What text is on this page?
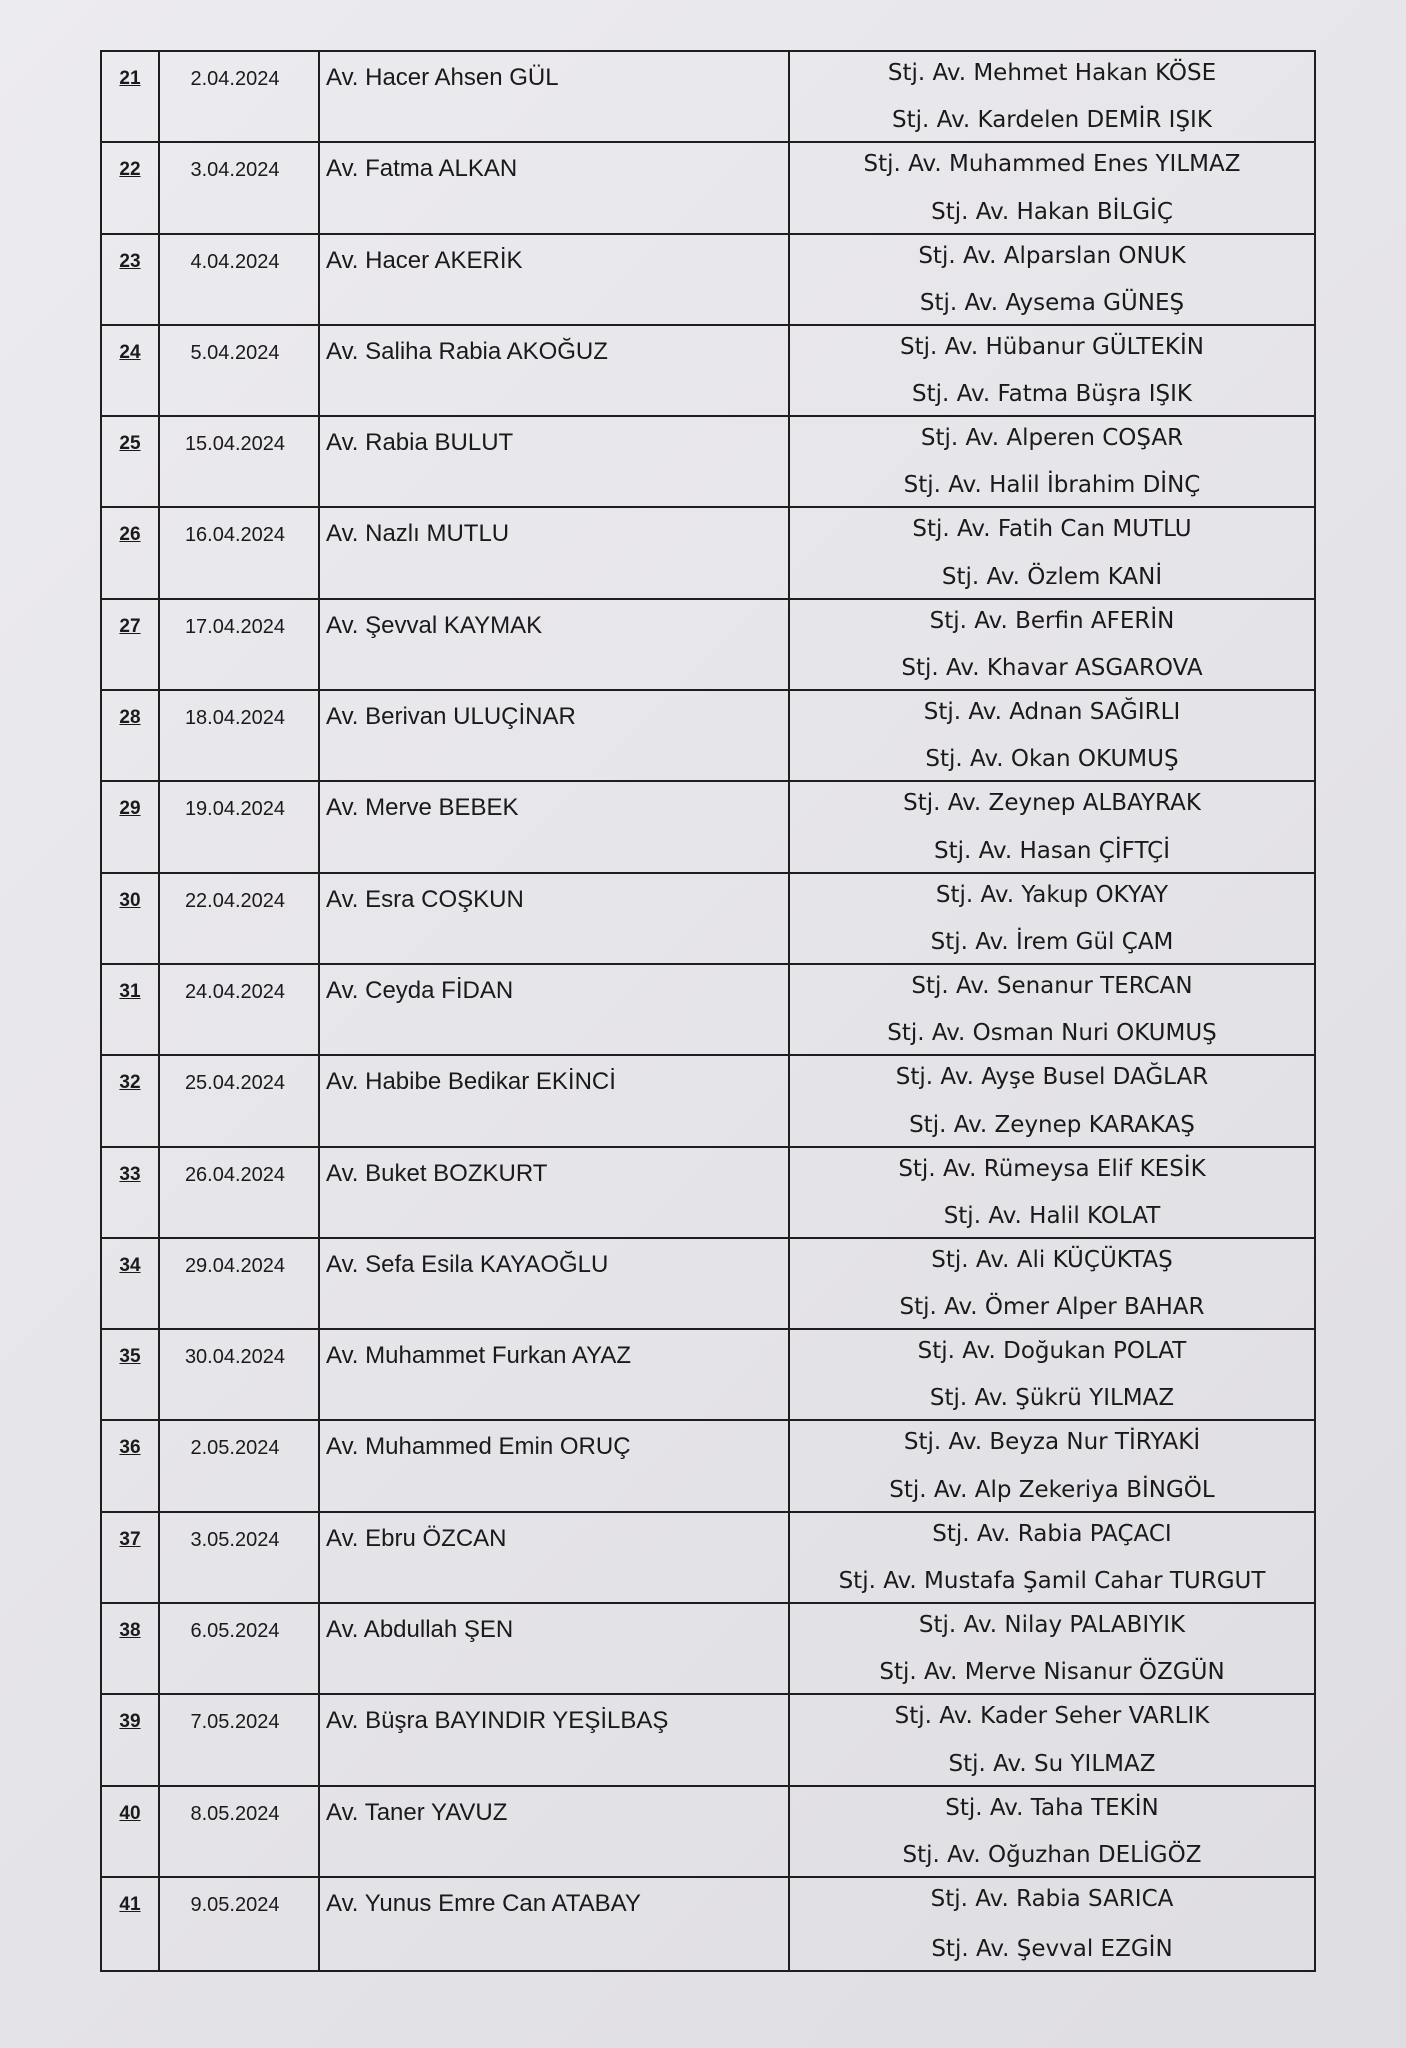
21	2.04.2024	Av. Hacer Ahsen GÜL	Stj. Av. Mehmet Hakan KÖSE
Stj. Av. Kardelen DEMİR IŞIK
22	3.04.2024	Av. Fatma ALKAN	Stj. Av. Muhammed Enes YILMAZ
Stj. Av. Hakan BİLGİÇ
23	4.04.2024	Av. Hacer AKERİK	Stj. Av. Alparslan ONUK
Stj. Av. Aysema GÜNEŞ
24	5.04.2024	Av. Saliha Rabia AKOĞUZ	Stj. Av. Hübanur GÜLTEKİN
Stj. Av. Fatma Büşra IŞIK
25	15.04.2024	Av. Rabia BULUT	Stj. Av. Alperen COŞAR
Stj. Av. Halil İbrahim DİNÇ
26	16.04.2024	Av. Nazlı MUTLU	Stj. Av. Fatih Can MUTLU
Stj. Av. Özlem KANİ
27	17.04.2024	Av. Şevval KAYMAK	Stj. Av. Berfin AFERİN
Stj. Av. Khavar ASGAROVA
28	18.04.2024	Av. Berivan ULUÇİNAR	Stj. Av. Adnan SAĞIRLI
Stj. Av. Okan OKUMUŞ
29	19.04.2024	Av. Merve BEBEK	Stj. Av. Zeynep ALBAYRAK
Stj. Av. Hasan ÇİFTÇİ
30	22.04.2024	Av. Esra COŞKUN	Stj. Av. Yakup OKYAY
Stj. Av. İrem Gül ÇAM
31	24.04.2024	Av. Ceyda FİDAN	Stj. Av. Senanur TERCAN
Stj. Av. Osman Nuri OKUMUŞ
32	25.04.2024	Av. Habibe Bedikar EKİNCİ	Stj. Av. Ayşe Busel DAĞLAR
Stj. Av. Zeynep KARAKAŞ
33	26.04.2024	Av. Buket BOZKURT	Stj. Av. Rümeysa Elif KESİK
Stj. Av. Halil KOLAT
34	29.04.2024	Av. Sefa Esila KAYAOĞLU	Stj. Av. Ali KÜÇÜKTAŞ
Stj. Av. Ömer Alper BAHAR
35	30.04.2024	Av. Muhammet Furkan AYAZ	Stj. Av. Doğukan POLAT
Stj. Av. Şükrü YILMAZ
36	2.05.2024	Av. Muhammed Emin ORUÇ	Stj. Av. Beyza Nur TİRYAKİ
Stj. Av. Alp Zekeriya BİNGÖL
37	3.05.2024	Av. Ebru ÖZCAN	Stj. Av. Rabia PAÇACI
Stj. Av. Mustafa Şamil Cahar TURGUT
38	6.05.2024	Av. Abdullah ŞEN	Stj. Av. Nilay PALABIYIK
Stj. Av. Merve Nisanur ÖZGÜN
39	7.05.2024	Av. Büşra BAYINDIR YEŞİLBAŞ	Stj. Av. Kader Seher VARLIK
Stj. Av. Su YILMAZ
40	8.05.2024	Av. Taner YAVUZ	Stj. Av. Taha TEKİN
Stj. Av. Oğuzhan DELİGÖZ
41	9.05.2024	Av. Yunus Emre Can ATABAY	Stj. Av. Rabia SARICA
Stj. Av. Şevval EZGİN
